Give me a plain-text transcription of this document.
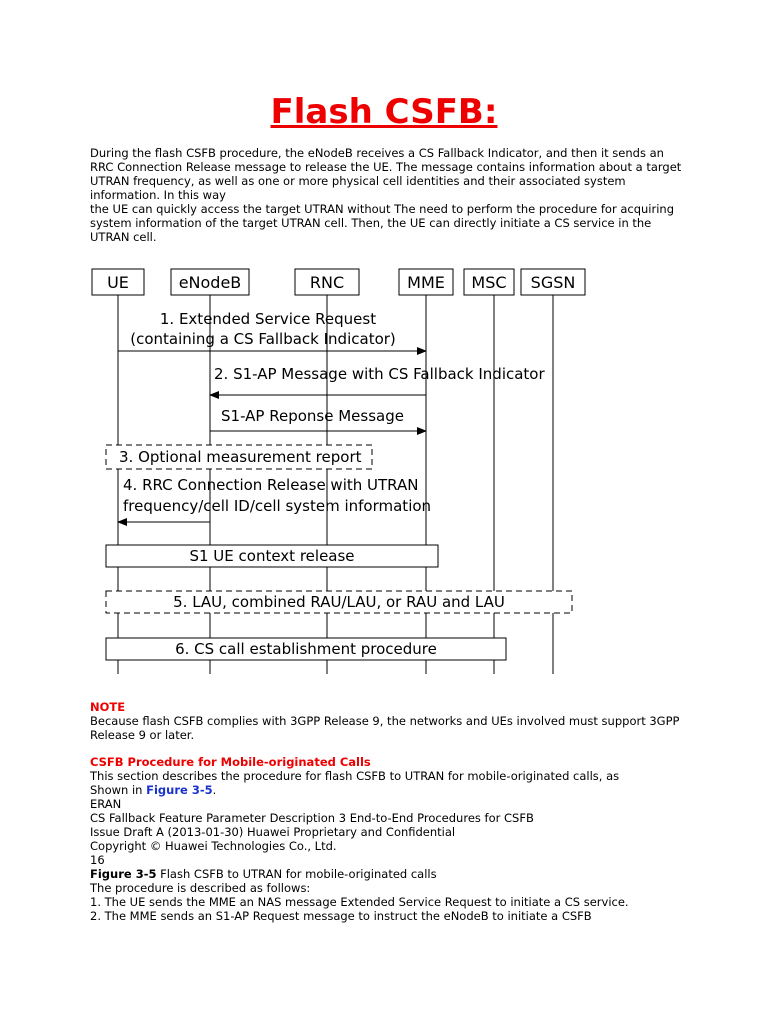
Flash CSFB:
During the flash CSFB procedure, the eNodeB receives a CS Fallback Indicator, and then it sends an
RRC Connection Release message to release the UE. The message contains information about a target
UTRAN frequency, as well as one or more physical cell identities and their associated system
information. In this way
the UE can quickly access the target UTRAN without The need to perform the procedure for acquiring
system information of the target UTRAN cell. Then, the UE can directly initiate a CS service in the
UTRAN cell.
UE	eNodeB	RNC	MME MSC SGSN
1. Extended Service Request
(containing a CS Fallback Indicator)
2. S1-AP Message with CS Fallback Indicator
S1-AP Reponse Message
3. Optional measurement report
4. RRC Connection Release with UTRAN
frequency/cell ID/cell system information
S1 UE context release
5. LAU, combined RAU/LAU, or RAU and LAU
6. CS call establishment procedure
NOTE
Because flash CSFB complies with 3GPP Release 9, the networks and UEs involved must support 3GPP
Release 9 or later.
CSFB Procedure for Mobile-originated Calls
This section describes the procedure for flash CSFB to UTRAN for mobile-originated calls, as
Shown in Figure 3-5.
ERAN
CS Fallback Feature Parameter Description 3 End-to-End Procedures for CSFB
Issue Draft A (2013-01-30) Huawei Proprietary and Confidential
Copyright © Huawei Technologies Co., Ltd.
16
Figure 3-5 Flash CSFB to UTRAN for mobile-originated calls
The procedure is described as follows:
1. The UE sends the MME an NAS message Extended Service Request to initiate a CS service.
2. The MME sends an S1-AP Request message to instruct the eNodeB to initiate a CSFB
